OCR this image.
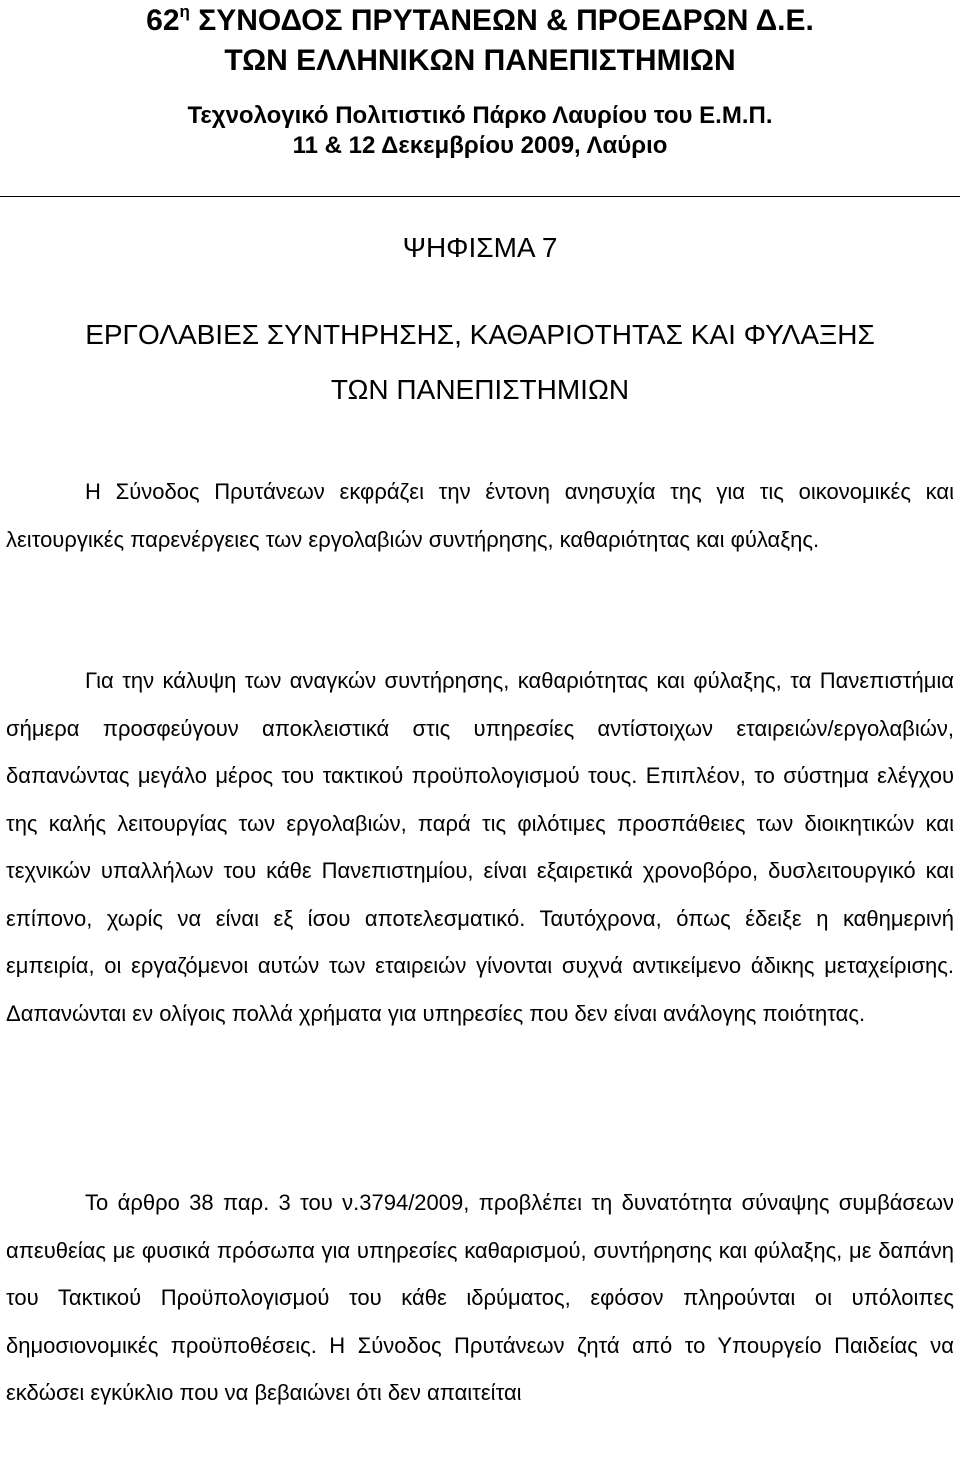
$62^\eta$ ΣΥΝΟΔΟΣ ΠΡΥΤΑΝΕΩΝ & ΠΡΟΕΔΡΩΝ Δ.Ε.
ΤΩΝ ΕΛΛΗΝΙΚΩΝ ΠΑΝΕΠΙΣΤΗΜΙΩΝ
Τεχνολογικό Πολιτιστικό Πάρκο Λαυρίου του Ε.Μ.Π.
11 & 12 Δεκεμβρίου 2009, Λαύριο
ΨΗΦΙΣΜΑ 7
ΕΡΓΟΛΑΒΙΕΣ ΣΥΝΤΗΡΗΣΗΣ, ΚΑΘΑΡΙΟΤΗΤΑΣ ΚΑΙ ΦΥΛΑΞΗΣ
ΤΩΝ ΠΑΝΕΠΙΣΤΗΜΙΩΝ

Η Σύνοδος Πρυτάνεων εκφράζει την έντονη ανησυχία της για τις οικονομικές και λειτουργικές παρενέργειες των εργολαβιών συντήρησης, καθαριότητας και φύλαξης.

Για την κάλυψη των αναγκών συντήρησης, καθαριότητας και φύλαξης, τα Πανεπιστήμια σήμερα προσφεύγουν αποκλειστικά στις υπηρεσίες αντίστοιχων εταιρειών/εργολαβιών, δαπανώντας μεγάλο μέρος του τακτικού προϋπολογισμού τους. Επιπλέον, το σύστημα ελέγχου της καλής λειτουργίας των εργολαβιών, παρά τις φιλότιμες προσπάθειες των διοικητικών και τεχνικών υπαλλήλων του κάθε Πανεπιστημίου, είναι εξαιρετικά χρονοβόρο, δυσλειτουργικό και επίπονο, χωρίς να είναι εξ ίσου αποτελεσματικό. Ταυτόχρονα, όπως έδειξε η καθημερινή εμπειρία, οι εργαζόμενοι αυτών των εταιρειών γίνονται συχνά αντικείμενο άδικης μεταχείρισης. Δαπανώνται εν ολίγοις πολλά χρήματα για υπηρεσίες που δεν είναι ανάλογης ποιότητας.

Το άρθρο 38 παρ. 3 του ν.3794/2009, προβλέπει τη δυνατότητα σύναψης συμβάσεων απευθείας με φυσικά πρόσωπα για υπηρεσίες καθαρισμού, συντήρησης και φύλαξης, με δαπάνη του Τακτικού Προϋπολογισμού του κάθε ιδρύματος, εφόσον πληρούνται οι υπόλοιπες δημοσιονομικές προϋποθέσεις. Η Σύνοδος Πρυτάνεων ζητά από το Υπουργείο Παιδείας να εκδώσει εγκύκλιο που να βεβαιώνει ότι δεν απαιτείται
